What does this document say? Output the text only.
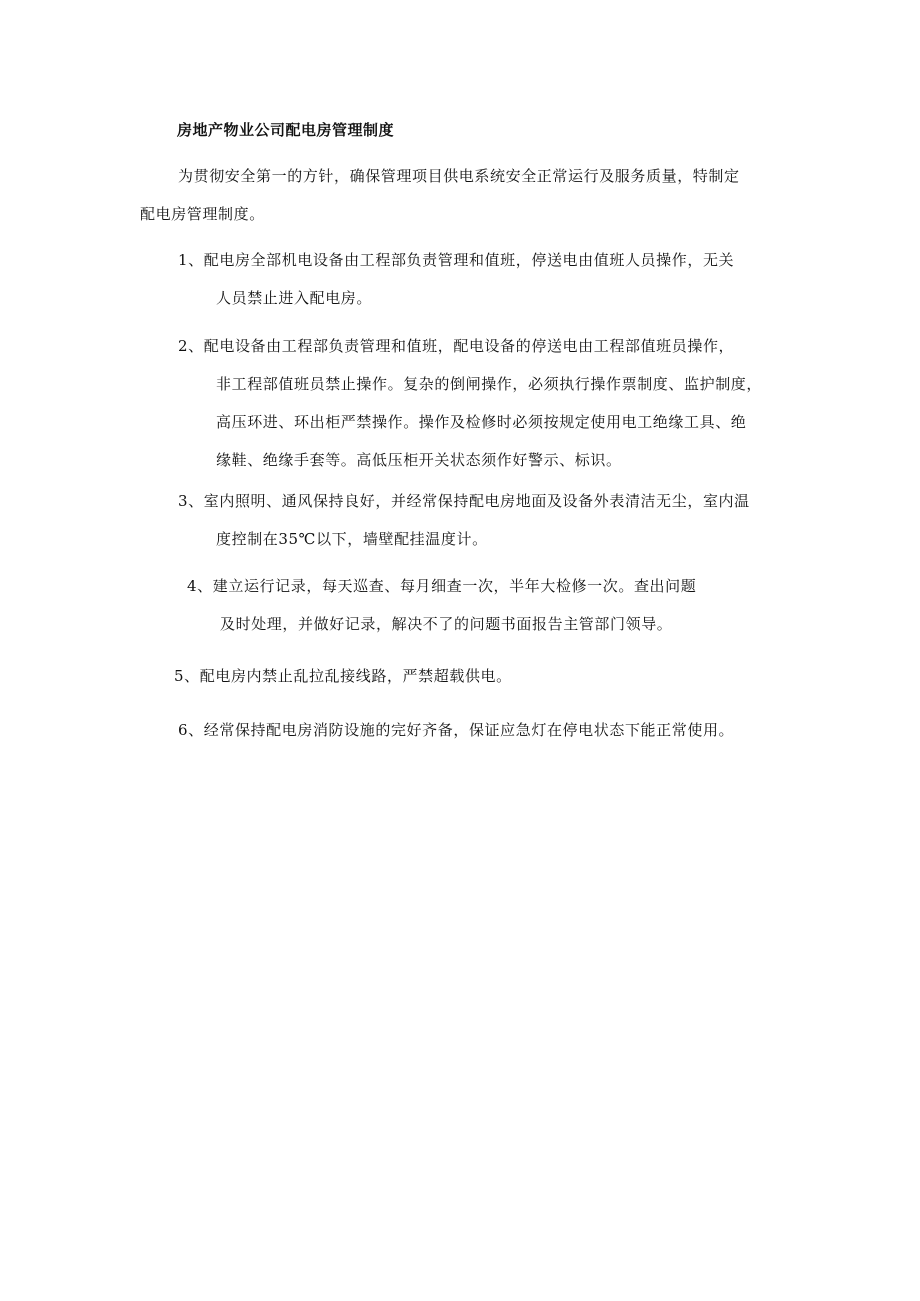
房地产物业公司配电房管理制度
为贯彻安全第一的方针，确保管理项目供电系统安全正常运行及服务质量，特制定
配电房管理制度。
1、配电房全部机电设备由工程部负责管理和值班，停送电由值班人员操作，无关
人员禁止进入配电房。
2、配电设备由工程部负责管理和值班，配电设备的停送电由工程部值班员操作，
非工程部值班员禁止操作。复杂的倒闸操作，必须执行操作票制度、监护制度，
高压环进、环出柜严禁操作。操作及检修时必须按规定使用电工绝缘工具、绝
缘鞋、绝缘手套等。高低压柜开关状态须作好警示、标识。
3、室内照明、通风保持良好，并经常保持配电房地面及设备外表清洁无尘，室内温
度控制在35℃以下，墙壁配挂温度计。
4、建立运行记录，每天巡查、每月细查一次，半年大检修一次。查出问题
及时处理，并做好记录，解决不了的问题书面报告主管部门领导。
5、配电房内禁止乱拉乱接线路，严禁超载供电。
6、经常保持配电房消防设施的完好齐备，保证应急灯在停电状态下能正常使用。
